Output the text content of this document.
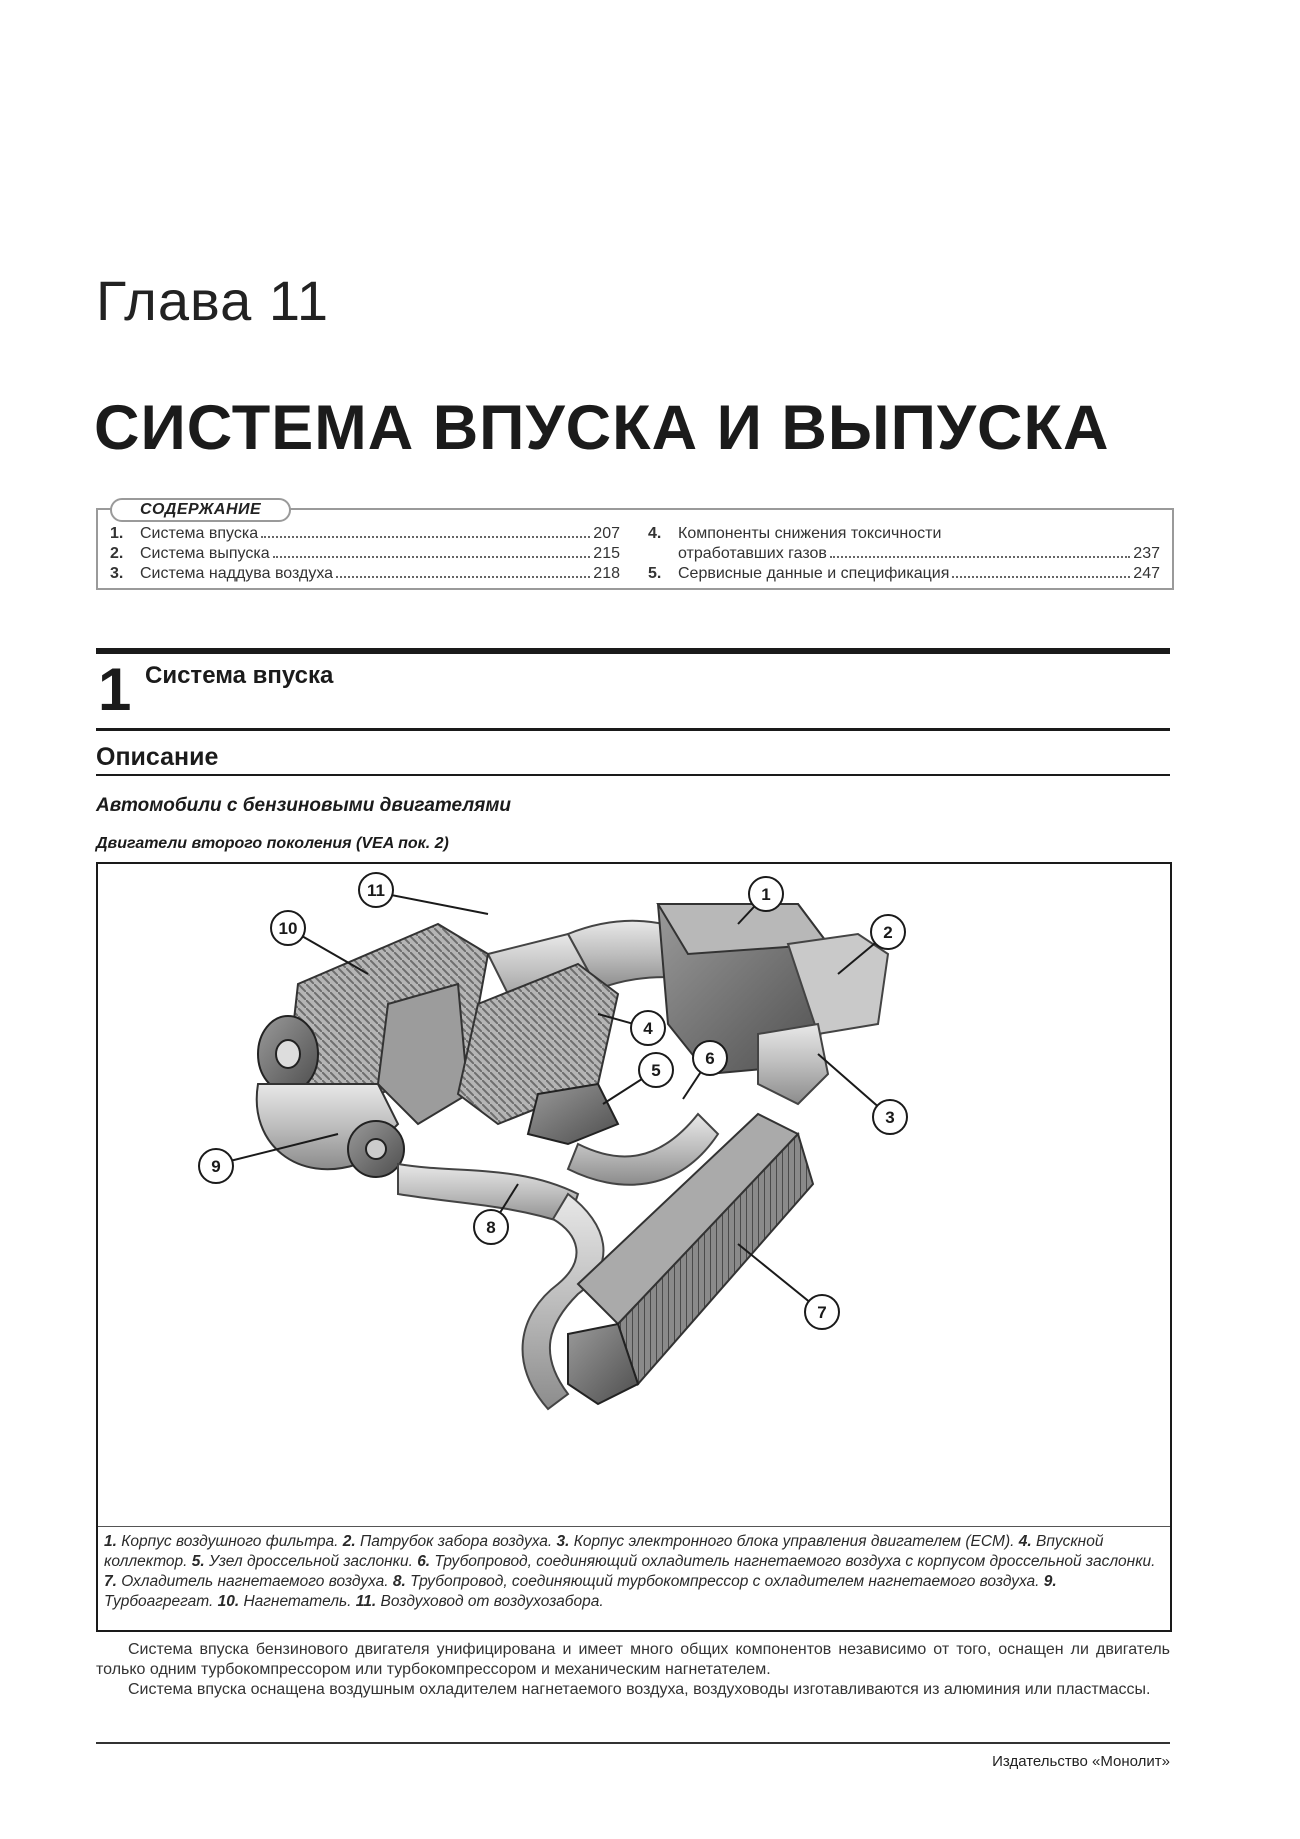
Глава 11
СИСТЕМА ВПУСКА И ВЫПУСКА
СОДЕРЖАНИЕ
1.	Система впуска	207
2.	Система выпуска	215
3.	Система наддува воздуха	218
4.	Компоненты снижения токсичности
отработавших газов	237
5.	Сервисные данные и спецификация	247
1 Система впуска
Описание
Автомобили с бензиновыми двигателями
Двигатели второго поколения (VEA пок. 2)
1
2
3
4
5
6
7
8
9
10
11
1. Корпус воздушного фильтра. 2. Патрубок забора воздуха. 3. Корпус электронного блока управления двигателем (ECM). 4. Впускной коллектор. 5. Узел дроссельной заслонки. 6. Трубопровод, соединяющий охладитель нагнетаемого воздуха с корпусом дроссельной заслонки. 7. Охладитель нагнетаемого воздуха. 8. Трубопровод, соединяющий турбокомпрессор с охладителем нагнетаемого воздуха. 9. Турбоагрегат. 10. Нагнетатель. 11. Воздуховод от воздухозабора.

Система впуска бензинового двигателя унифицирована и имеет много общих компонентов независимо от того, оснащен ли двигатель только одним турбокомпрессором или турбокомпрессором и механическим нагнетателем.

Система впуска оснащена воздушным охладителем нагнетаемого воздуха, воздуховоды изготавливаются из алюминия или пластмассы.

Издательство «Монолит»
